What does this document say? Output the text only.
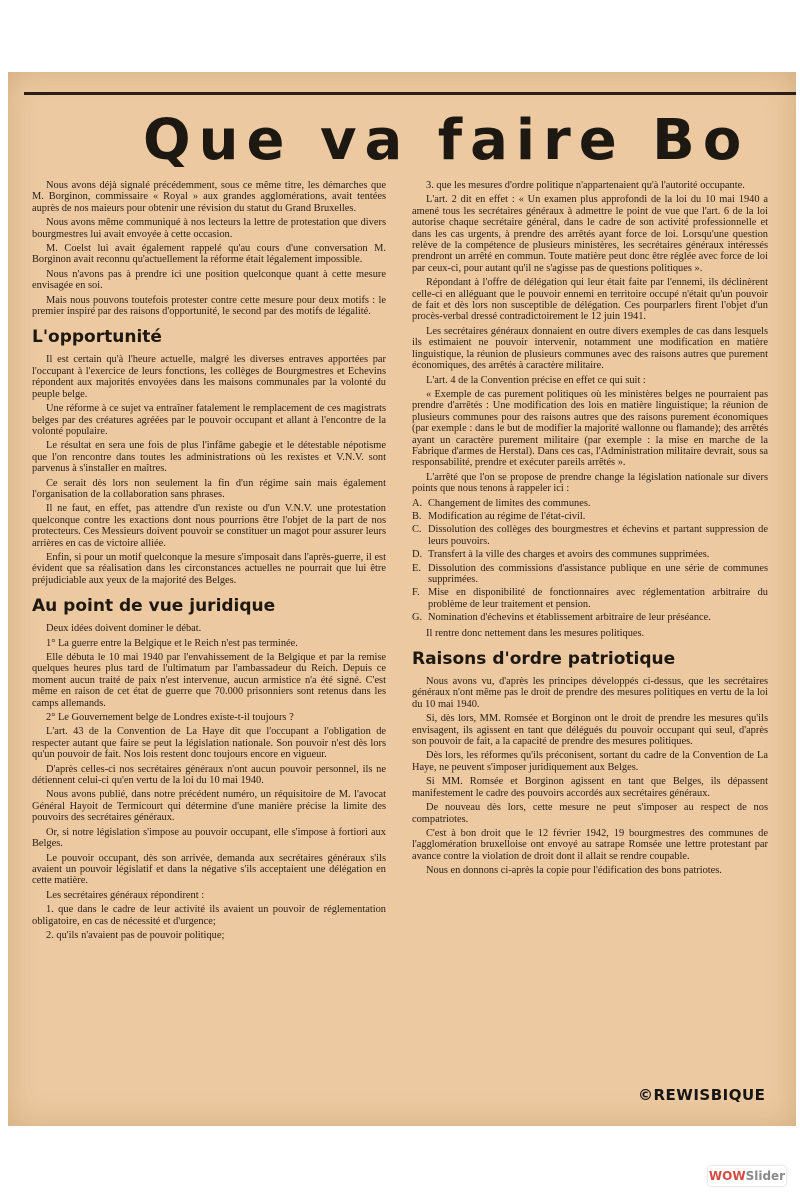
Que va faire Bo

Nous avons déjà signalé précédemment, sous ce même titre, les démarches que M. Borginon, commissaire « Royal » aux grandes agglomérations, avait tentées auprès de nos maieurs pour obtenir une révision du statut du Grand Bruxelles.

Nous avons même communiqué à nos lecteurs la lettre de protestation que divers bourgmestres lui avait envoyée à cette occasion.

M. Coelst lui avait également rappelé qu'au cours d'une conversation M. Borginon avait reconnu qu'actuellement la réforme était légalement impossible.

Nous n'avons pas à prendre ici une position quelconque quant à cette mesure envisagée en soi.

Mais nous pouvons toutefois protester contre cette mesure pour deux motifs : le premier inspiré par des raisons d'opportunité, le second par des motifs de légalité.

L'opportunité

Il est certain qu'à l'heure actuelle, malgré les diverses entraves apportées par l'occupant à l'exercice de leurs fonctions, les collèges de Bourgmestres et Echevins répondent aux majorités envoyées dans les maisons communales par la volonté du peuple belge.

Une réforme à ce sujet va entraîner fatalement le remplacement de ces magistrats belges par des créatures agréées par le pouvoir occupant et allant à l'encontre de la volonté populaire.

Le résultat en sera une fois de plus l'infâme gabegie et le détestable népotisme que l'on rencontre dans toutes les administrations où les rexistes et V.N.V. sont parvenus à s'installer en maîtres.

Ce serait dès lors non seulement la fin d'un régime sain mais également l'organisation de la collaboration sans phrases.

Il ne faut, en effet, pas attendre d'un rexiste ou d'un V.N.V. une protestation quelconque contre les exactions dont nous pourrions être l'objet de la part de nos protecteurs. Ces Messieurs doivent pouvoir se constituer un magot pour assurer leurs arrières en cas de victoire alliée.

Enfin, si pour un motif quelconque la mesure s'imposait dans l'après-guerre, il est évident que sa réalisation dans les circonstances actuelles ne pourrait que lui être préjudiciable aux yeux de la majorité des Belges.

Au point de vue juridique

Deux idées doivent dominer le débat.

1° La guerre entre la Belgique et le Reich n'est pas terminée.

Elle débuta le 10 mai 1940 par l'envahissement de la Belgique et par la remise quelques heures plus tard de l'ultimatum par l'ambassadeur du Reich. Depuis ce moment aucun traité de paix n'est intervenue, aucun armistice n'a été signé. C'est même en raison de cet état de guerre que 70.000 prisonniers sont retenus dans les camps allemands.

2° Le Gouvernement belge de Londres existe-t-il toujours ?

L'art. 43 de la Convention de La Haye dit que l'occupant a l'obligation de respecter autant que faire se peut la législation nationale. Son pouvoir n'est dès lors qu'un pouvoir de fait. Nos lois restent donc toujours encore en vigueur.

D'après celles-ci nos secrétaires généraux n'ont aucun pouvoir personnel, ils ne détiennent celui-ci qu'en vertu de la loi du 10 mai 1940.

Nous avons publié, dans notre précédent numéro, un réquisitoire de M. l'avocat Général Hayoit de Termicourt qui détermine d'une manière précise la limite des pouvoirs des secrétaires généraux.

Or, si notre législation s'impose au pouvoir occupant, elle s'impose à fortiori aux Belges.

Le pouvoir occupant, dès son arrivée, demanda aux secrétaires généraux s'ils avaient un pouvoir législatif et dans la négative s'ils acceptaient une délégation en cette matière.

Les secrétaires généraux répondirent :

1. que dans le cadre de leur activité ils avaient un pouvoir de réglementation obligatoire, en cas de nécessité et d'urgence;

2. qu'ils n'avaient pas de pouvoir politique;

3. que les mesures d'ordre politique n'appartenaient qu'à l'autorité occupante.

L'art. 2 dit en effet : « Un examen plus approfondi de la loi du 10 mai 1940 a amené tous les secrétaires généraux à admettre le point de vue que l'art. 6 de la loi autorise chaque secrétaire général, dans le cadre de son activité professionnelle et dans les cas urgents, à prendre des arrêtés ayant force de loi. Lorsqu'une question relève de la compétence de plusieurs ministères, les secrétaires généraux intéressés prendront un arrêté en commun. Toute matière peut donc être réglée avec force de loi par ceux-ci, pour autant qu'il ne s'agisse pas de questions politiques ».

Répondant à l'offre de délégation qui leur était faite par l'ennemi, ils déclinèrent celle-ci en alléguant que le pouvoir ennemi en territoire occupé n'était qu'un pouvoir de fait et dès lors non susceptible de délégation. Ces pourparlers firent l'objet d'un procès-verbal dressé contradictoirement le 12 juin 1941.

Les secrétaires généraux donnaient en outre divers exemples de cas dans lesquels ils estimaient ne pouvoir intervenir, notamment une modification en matière linguistique, la réunion de plusieurs communes avec des raisons autres que purement économiques, des arrêtés à caractère militaire.

L'art. 4 de la Convention précise en effet ce qui suit :

« Exemple de cas purement politiques où les ministères belges ne pourraient pas prendre d'arrêtés : Une modification des lois en matière linguistique; la réunion de plusieurs communes pour des raisons autres que des raisons purement économiques (par exemple : dans le but de modifier la majorité wallonne ou flamande); des arrêtés ayant un caractère purement militaire (par exemple : la mise en marche de la Fabrique d'armes de Herstal). Dans ces cas, l'Administration militaire devrait, sous sa responsabilité, prendre et exécuter pareils arrêtés ».

L'arrêté que l'on se propose de prendre change la législation nationale sur divers points que nous tenons à rappeler ici :

A. Changement de limites des communes.
B. Modification au régime de l'état-civil.
C. Dissolution des collèges des bourgmestres et échevins et partant suppression de leurs pouvoirs.
D. Transfert à la ville des charges et avoirs des communes supprimées.
E. Dissolution des commissions d'assistance publique en une série de communes supprimées.
F. Mise en disponibilité de fonctionnaires avec réglementation arbitraire du problème de leur traitement et pension.
G. Nomination d'échevins et établissement arbitraire de leur préséance.

Il rentre donc nettement dans les mesures politiques.

Raisons d'ordre patriotique

Nous avons vu, d'après les principes développés ci-dessus, que les secrétaires généraux n'ont même pas le droit de prendre des mesures politiques en vertu de la loi du 10 mai 1940.

Si, dès lors, MM. Romsée et Borginon ont le droit de prendre les mesures qu'ils envisagent, ils agissent en tant que délégués du pouvoir occupant qui seul, d'après son pouvoir de fait, a la capacité de prendre des mesures politiques.

Dès lors, les réformes qu'ils préconisent, sortant du cadre de la Convention de La Haye, ne peuvent s'imposer juridiquement aux Belges.

Si MM. Romsée et Borginon agissent en tant que Belges, ils dépassent manifestement le cadre des pouvoirs accordés aux secrétaires généraux.

De nouveau dès lors, cette mesure ne peut s'imposer au respect de nos compatriotes.

C'est à bon droit que le 12 février 1942, 19 bourgmestres des communes de l'agglomération bruxelloise ont envoyé au satrape Romsée une lettre protestant par avance contre la violation de droit dont il allait se rendre coupable.

Nous en donnons ci-après la copie pour l'édification des bons patriotes.

©REWISBIQUE
WOWSlider
